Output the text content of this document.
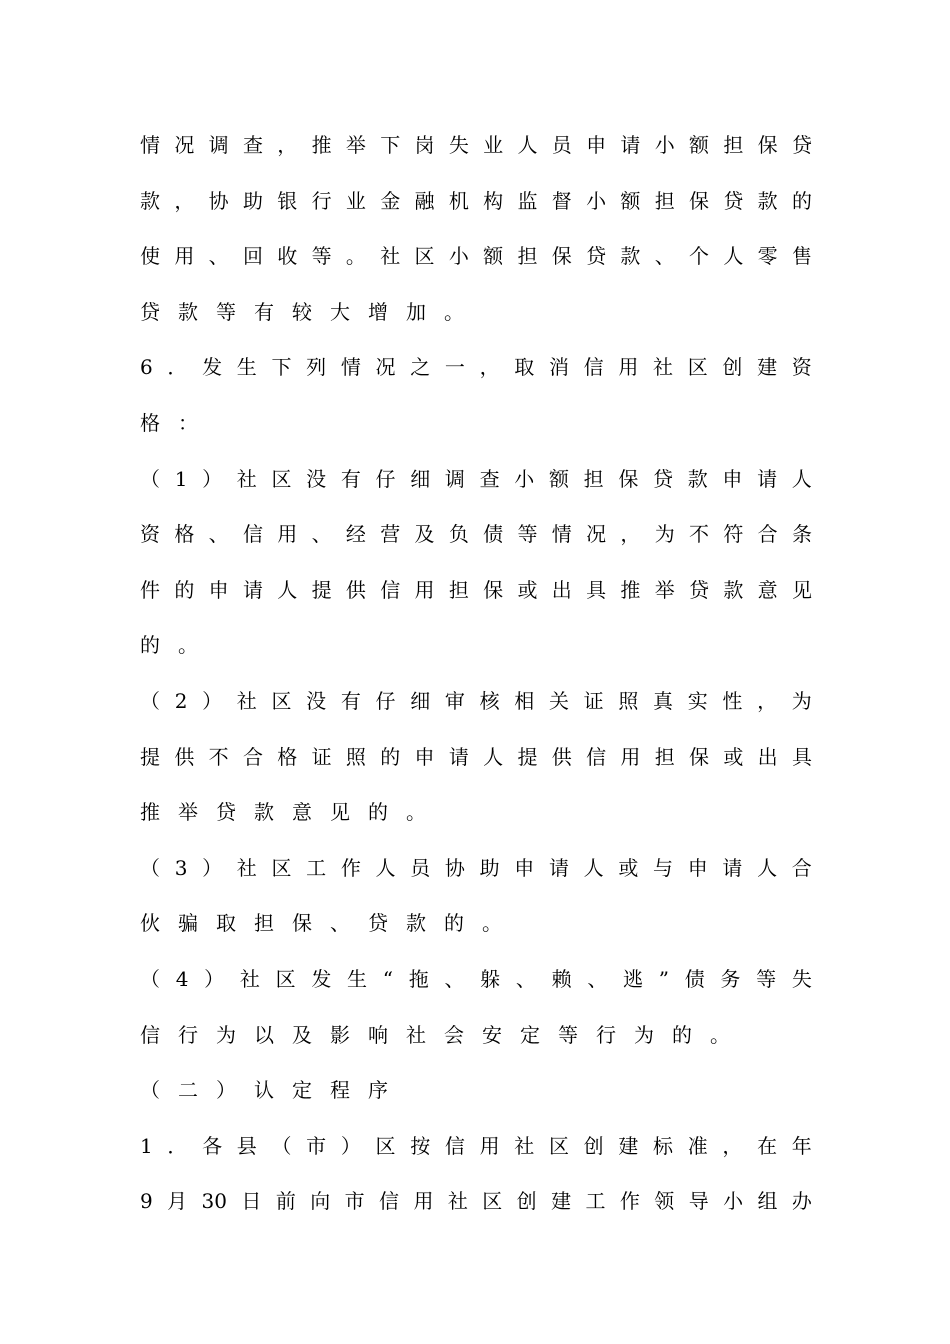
情 况 调 查 ， 推 举 下 岗 失 业 人 员 申 请 小 额 担 保 贷
款 ， 协 助 银 行 业 金 融 机 构 监 督 小 额 担 保 贷 款 的
使 用 、 回 收 等 。 社 区 小 额 担 保 贷 款 、 个 人 零 售
贷 款 等 有 较 大 增 加 。
6 ． 发 生 下 列 情 况 之 一 ， 取 消 信 用 社 区 创 建 资
格 ：
（ 1 ） 社 区 没 有 仔 细 调 查 小 额 担 保 贷 款 申 请 人
资 格 、 信 用 、 经 营 及 负 债 等 情 况 ， 为 不 符 合 条
件 的 申 请 人 提 供 信 用 担 保 或 出 具 推 举 贷 款 意 见
的 。
（ 2 ） 社 区 没 有 仔 细 审 核 相 关 证 照 真 实 性 ， 为
提 供 不 合 格 证 照 的 申 请 人 提 供 信 用 担 保 或 出 具
推 举 贷 款 意 见 的 。
（ 3 ） 社 区 工 作 人 员 协 助 申 请 人 或 与 申 请 人 合
伙 骗 取 担 保 、 贷 款 的 。
（ 4 ） 社 区 发 生 “ 拖 、 躲 、 赖 、 逃 ” 债 务 等 失
信 行 为 以 及 影 响 社 会 安 定 等 行 为 的 。
（ 二 ） 认 定 程 序
1 ． 各 县 （ 市 ） 区 按 信 用 社 区 创 建 标 准 ， 在 年
9 月 30 日 前 向 市 信 用 社 区 创 建 工 作 领 导 小 组 办
